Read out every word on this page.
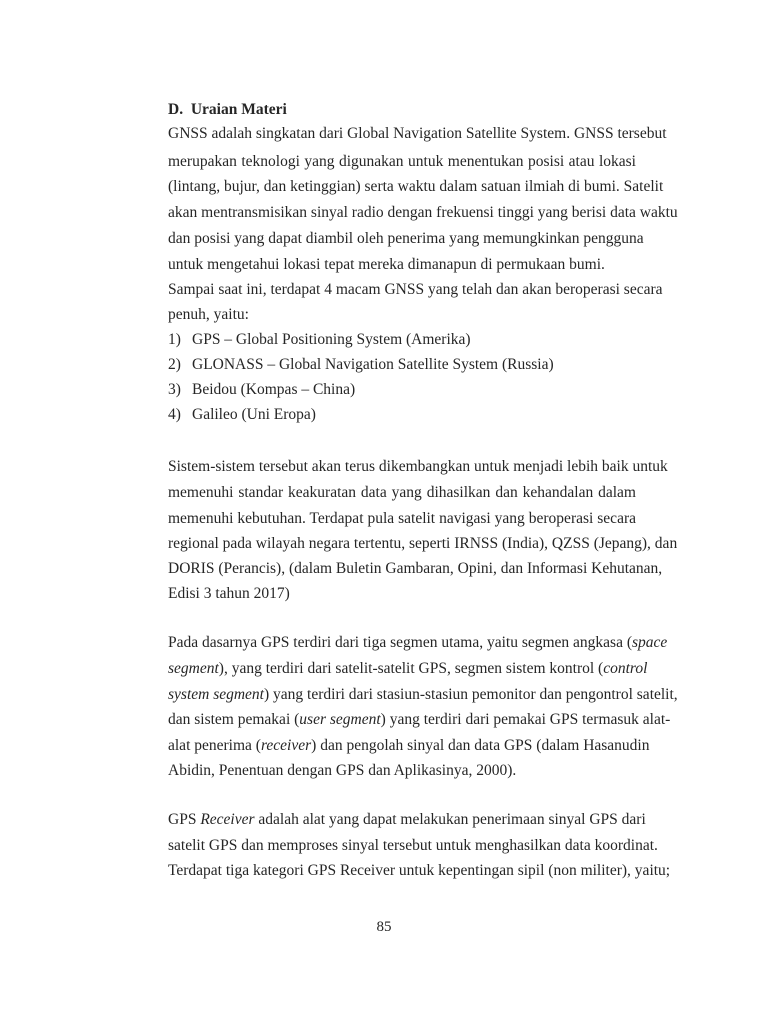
D. Uraian Materi
GNSS adalah singkatan dari Global Navigation Satellite System. GNSS tersebut
merupakan teknologi yang digunakan untuk menentukan posisi atau lokasi
(lintang, bujur, dan ketinggian) serta waktu dalam satuan ilmiah di bumi. Satelit
akan mentransmisikan sinyal radio dengan frekuensi tinggi yang berisi data waktu
dan posisi yang dapat diambil oleh penerima yang memungkinkan pengguna
untuk mengetahui lokasi tepat mereka dimanapun di permukaan bumi.
Sampai saat ini, terdapat 4 macam GNSS yang telah dan akan beroperasi secara
penuh, yaitu:
1) GPS – Global Positioning System (Amerika)
2) GLONASS – Global Navigation Satellite System (Russia)
3) Beidou (Kompas – China)
4) Galileo (Uni Eropa)
Sistem-sistem tersebut akan terus dikembangkan untuk menjadi lebih baik untuk
memenuhi standar keakuratan data yang dihasilkan dan kehandalan dalam
memenuhi kebutuhan. Terdapat pula satelit navigasi yang beroperasi secara
regional pada wilayah negara tertentu, seperti IRNSS (India), QZSS (Jepang), dan
DORIS (Perancis), (dalam Buletin Gambaran, Opini, dan Informasi Kehutanan,
Edisi 3 tahun 2017)
Pada dasarnya GPS terdiri dari tiga segmen utama, yaitu segmen angkasa (space
segment), yang terdiri dari satelit-satelit GPS, segmen sistem kontrol (control
system segment) yang terdiri dari stasiun-stasiun pemonitor dan pengontrol satelit,
dan sistem pemakai (user segment) yang terdiri dari pemakai GPS termasuk alat-
alat penerima (receiver) dan pengolah sinyal dan data GPS (dalam Hasanudin
Abidin, Penentuan dengan GPS dan Aplikasinya, 2000).
GPS Receiver adalah alat yang dapat melakukan penerimaan sinyal GPS dari
satelit GPS dan memproses sinyal tersebut untuk menghasilkan data koordinat.
Terdapat tiga kategori GPS Receiver untuk kepentingan sipil (non militer), yaitu;
85
